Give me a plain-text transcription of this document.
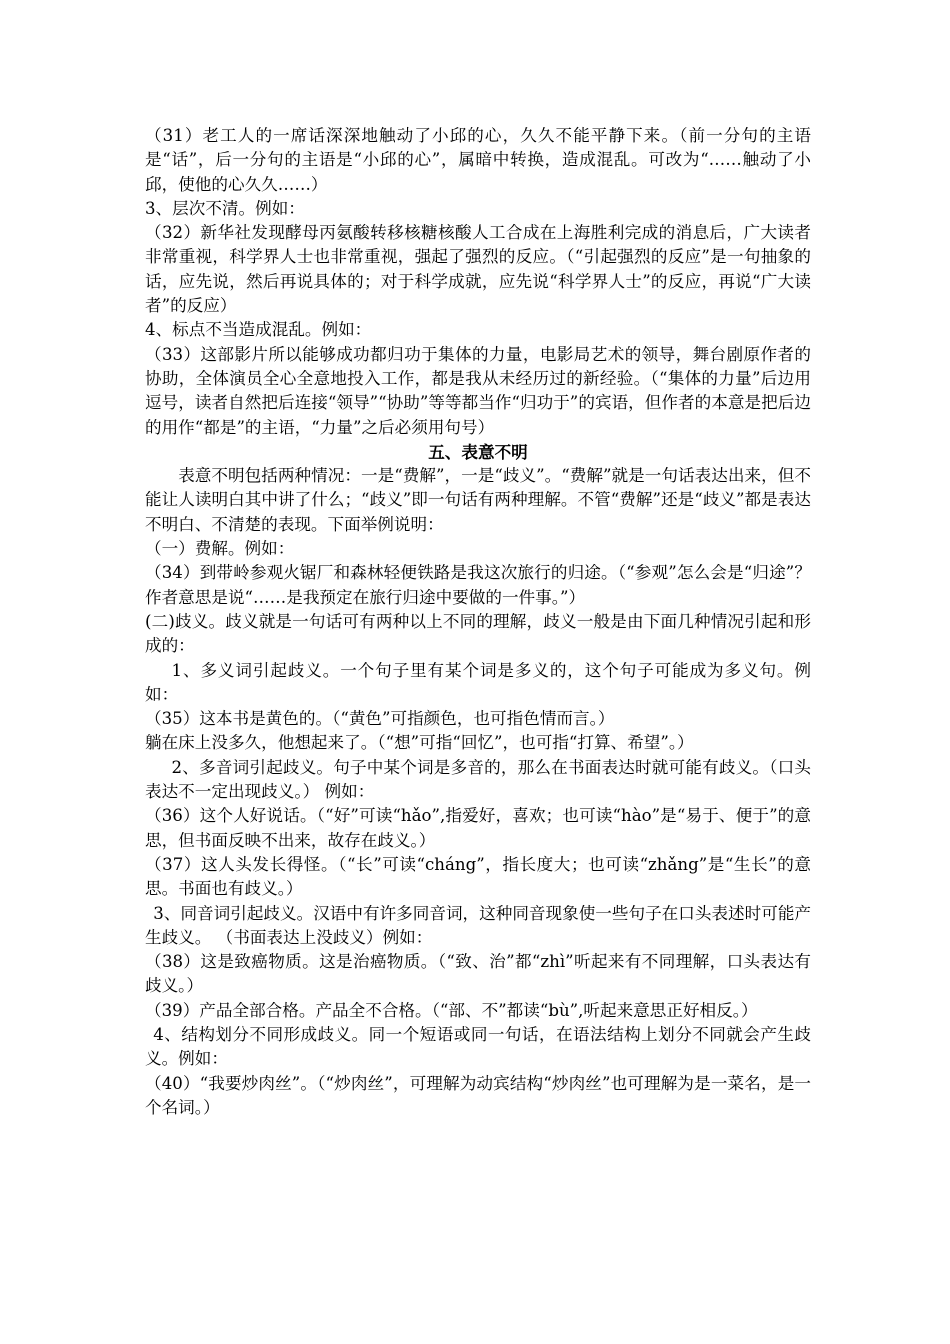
（31）老工人的一席话深深地触动了小邱的心，久久不能平静下来。（前一分句的主语是“话”，后一分句的主语是“小邱的心”，属暗中转换，造成混乱。可改为“……触动了小邱，使他的心久久……）

3、层次不清。例如：

（32）新华社发现酵母丙氨酸转移核糖核酸人工合成在上海胜利完成的消息后，广大读者非常重视，科学界人士也非常重视，强起了强烈的反应。（“引起强烈的反应”是一句抽象的话，应先说，然后再说具体的；对于科学成就，应先说“科学界人士”的反应，再说“广大读者”的反应）

4、标点不当造成混乱。例如：

（33）这部影片所以能够成功都归功于集体的力量，电影局艺术的领导，舞台剧原作者的协助，全体演员全心全意地投入工作，都是我从未经历过的新经验。（“集体的力量”后边用逗号，读者自然把后连接“领导”“协助”等等都当作“归功于”的宾语，但作者的本意是把后边的用作“都是”的主语，“力量”之后必须用句号）

五、表意不明

表意不明包括两种情况：一是“费解”，一是“歧义”。“费解”就是一句话表达出来，但不能让人读明白其中讲了什么；“歧义”即一句话有两种理解。不管“费解”还是“歧义”都是表达不明白、不清楚的表现。下面举例说明：

（一）费解。例如：

（34）到带岭参观火锯厂和森林轻便铁路是我这次旅行的归途。（“参观”怎么会是“归途”？作者意思是说“……是我预定在旅行归途中要做的一件事。”）

(二)歧义。歧义就是一句话可有两种以上不同的理解，歧义一般是由下面几种情况引起和形成的：

1、多义词引起歧义。一个句子里有某个词是多义的，这个句子可能成为多义句。例如：

（35）这本书是黄色的。（“黄色”可指颜色，也可指色情而言。）

躺在床上没多久，他想起来了。（“想”可指“回忆”，也可指“打算、希望”。）

2、多音词引起歧义。句子中某个词是多音的，那么在书面表达时就可能有歧义。（口头表达不一定出现歧义。） 例如：

（36）这个人好说话。（“好”可读“hǎo”,指爱好，喜欢；也可读“hào”是“易于、便于”的意思，但书面反映不出来，故存在歧义。）

（37）这人头发长得怪。（“长”可读“cháng”，指长度大；也可读“zhǎng”是“生长”的意思。书面也有歧义。）

3、同音词引起歧义。汉语中有许多同音词，这种同音现象使一些句子在口头表述时可能产生歧义。 （书面表达上没歧义）例如：

（38）这是致癌物质。这是治癌物质。（“致、治”都“zhì”听起来有不同理解，口头表达有歧义。）

（39）产品全部合格。产品全不合格。（“部、不”都读“bù”,听起来意思正好相反。）

4、结构划分不同形成歧义。同一个短语或同一句话，在语法结构上划分不同就会产生歧义。例如：

（40）“我要炒肉丝”。（“炒肉丝”，可理解为动宾结构“炒肉丝”也可理解为是一菜名，是一个名词。）
